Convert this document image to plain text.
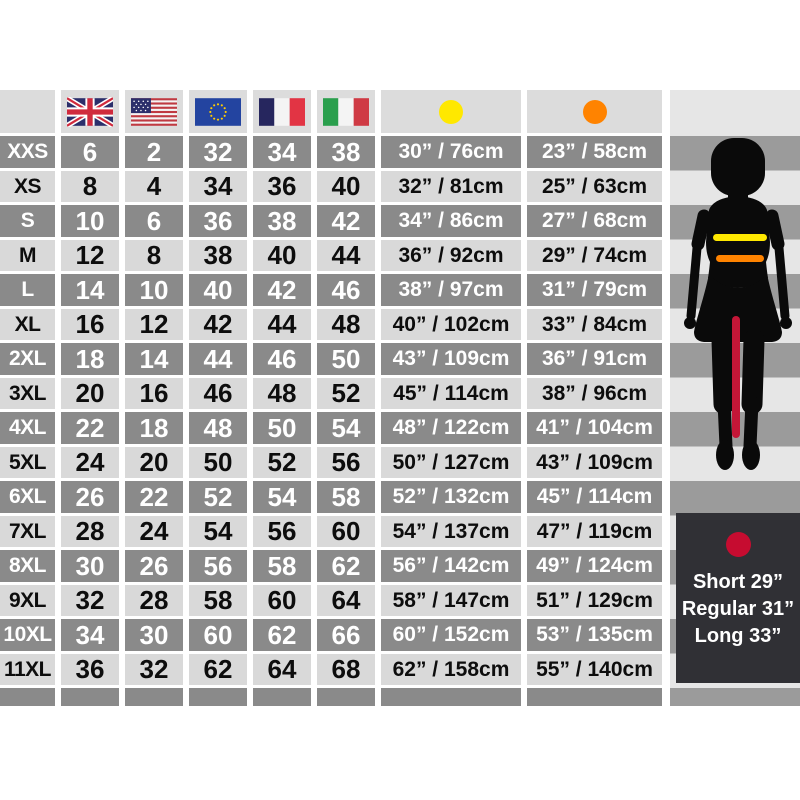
XXS	6	2	32	34	38	30” / 76cm	23” / 58cm
XS	8	4	34	36	40	32” / 81cm	25” / 63cm
S	10	6	36	38	42	34” / 86cm	27” / 68cm
M	12	8	38	40	44	36” / 92cm	29” / 74cm
L	14	10	40	42	46	38” / 97cm	31” / 79cm
XL	16	12	42	44	48	40” / 102cm	33” / 84cm
2XL	18	14	44	46	50	43” / 109cm	36” / 91cm
3XL	20	16	46	48	52	45” / 114cm	38” / 96cm
4XL	22	18	48	50	54	48” / 122cm	41” / 104cm
5XL	24	20	50	52	56	50” / 127cm	43” / 109cm
6XL	26	22	52	54	58	52” / 132cm	45” / 114cm
7XL	28	24	54	56	60	54” / 137cm	47” / 119cm
8XL	30	26	56	58	62	56” / 142cm	49” / 124cm
9XL	32	28	58	60	64	58” / 147cm	51” / 129cm
10XL 34	30	60	62	66	60” / 152cm	53” / 135cm
11XL 36	32	62	64	68	62” / 158cm	55” / 140cm
Short 29”
Regular 31”
Long 33”
